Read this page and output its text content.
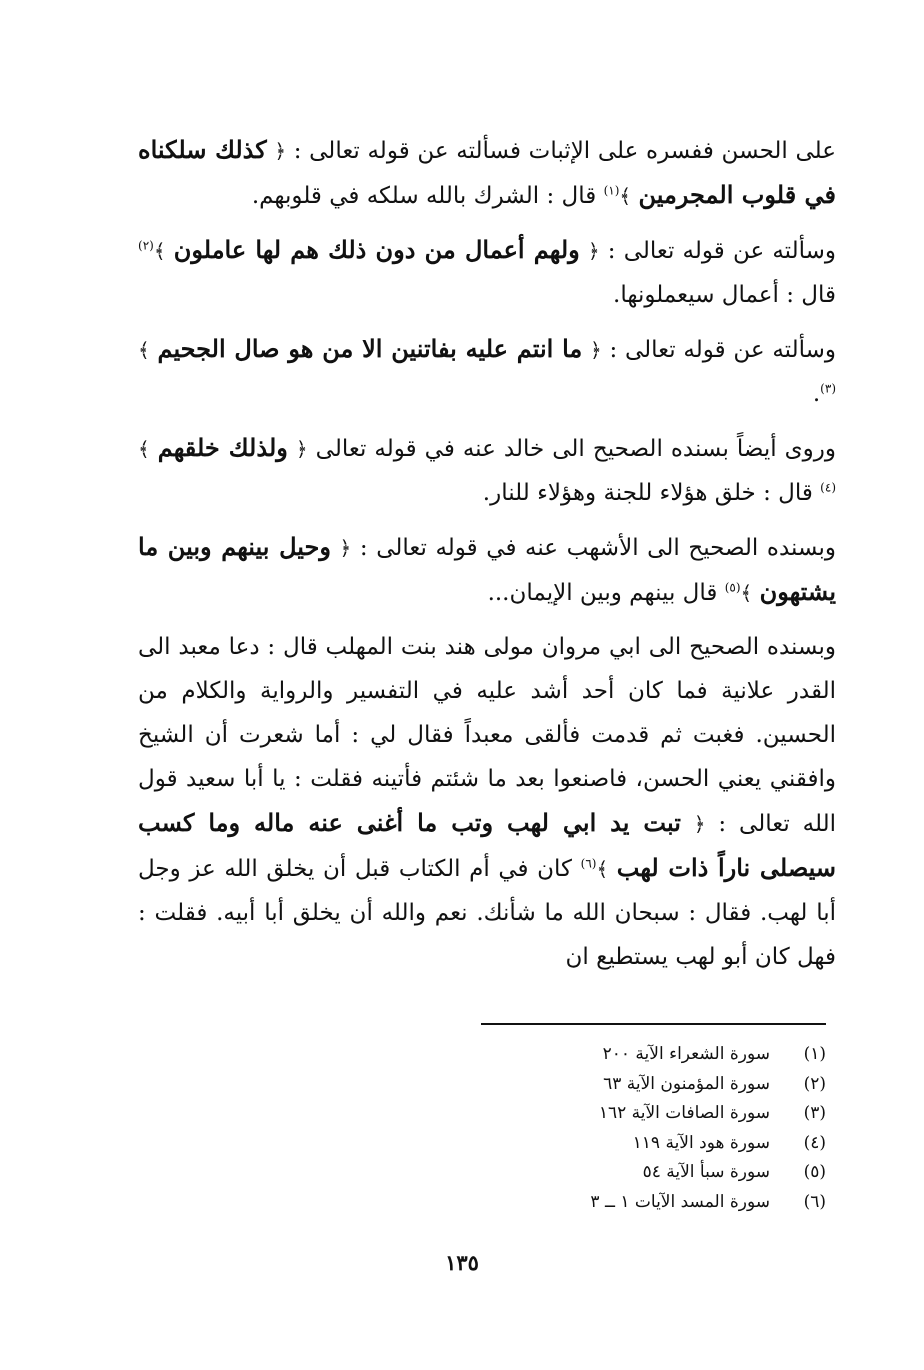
على الحسن ففسره على الإثبات فسألته عن قوله تعالى : ﴿ كذلك سلكناه في قلوب المجرمين ﴾$^{(١)}$ قال : الشرك بالله سلكه في قلوبهم.

وسألته عن قوله تعالى : ﴿ ولهم أعمال من دون ذلك هم لها عاملون ﴾$^{(٢)}$ قال : أعمال سيعملونها.

وسألته عن قوله تعالى : ﴿ ما انتم عليه بفاتنين الا من هو صال الجحيم ﴾$^{(٣)}$.

وروى أيضاً بسنده الصحيح الى خالد عنه في قوله تعالى ﴿ ولذلك خلقهم ﴾$^{(٤)}$ قال : خلق هؤلاء للجنة وهؤلاء للنار.

وبسنده الصحيح الى الأشهب عنه في قوله تعالى : ﴿ وحيل بينهم وبين ما يشتهون ﴾$^{(٥)}$ قال بينهم وبين الإيمان...

وبسنده الصحيح الى ابي مروان مولى هند بنت المهلب قال : دعا معبد الى القدر علانية فما كان أحد أشد عليه في التفسير والرواية والكلام من الحسين. فغبت ثم قدمت فألقى معبداً فقال لي : أما شعرت أن الشيخ وافقني يعني الحسن، فاصنعوا بعد ما شئتم فأتينه فقلت : يا أبا سعيد قول الله تعالى : ﴿ تبت يد ابي لهب وتب ما أغنى عنه ماله وما كسب سيصلى ناراً ذات لهب ﴾$^{(٦)}$ كان في أم الكتاب قبل أن يخلق الله عز وجل أبا لهب. فقال : سبحان الله ما شأنك. نعم والله أن يخلق أبا أبيه. فقلت : فهل كان أبو لهب يستطيع ان

(١)
سورة الشعراء الآية ٢٠٠
(٢)
سورة المؤمنون الآية ٦٣
(٣)
سورة الصافات الآية ١٦٢
(٤)
سورة هود الآية ١١٩
(٥)
سورة سبأ الآية ٥٤
(٦)
سورة المسد الآيات ١ ــ ٣
١٣٥
